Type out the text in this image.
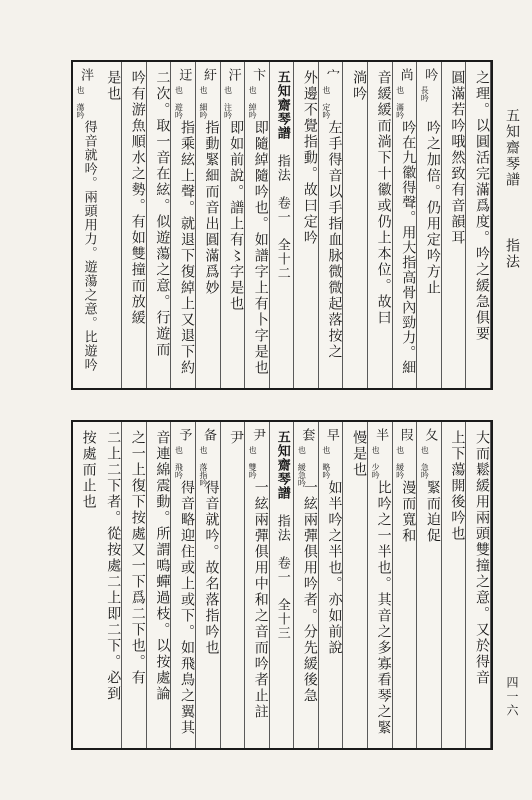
之理。以圓活完滿爲度。吟之緩急俱要
圓滿若吟哦然致有音韻耳
吟
長吟
吟之加倍。仍用定吟方止
尚
也 滿吟
吟在九徽得聲。用大指高骨內勁力。細
音緩緩而淌下十徽或仍上本位。故曰
淌吟
宀
也 定吟
左手得音以手指血脉微微起落按之
外邊不覺指動。故曰定吟
五知齋琴譜　指法　卷一　全十二
卞
也 綽吟
即隨綽隨吟也。如譜字上有卜字是也
汗
也 注吟
即如前說。譜上有〻字是也
紆
也 細吟
指動緊細而音出圓滿爲妙
迂
也 遊吟
指乘絃上聲。就退下復綽上又退下約
二次。取一音在絃。似遊蕩之意。行遊而
吟有游魚順水之勢。有如雙撞而放緩
是也
泮
也 蕩吟
得音就吟。兩頭用力。遊蕩之意。比遊吟
大而鬆緩用兩頭雙撞之意。又於得音
上下蕩開後吟也
夂
也 急吟
緊而迫促
叚
也 緩吟
漫而寬和
半
也 少吟
比吟之一半也。其音之多寡看琴之緊
慢是也
早
也 略吟
如半吟之半也。亦如前說
套
也 緩急吟
一絃兩彈俱用吟者。分先緩後急
五知齋琴譜　指法　卷一　全十三
尹
也 雙吟
一絃兩彈俱用中和之音而吟者止註
尹
备
也 落指吟
得音就吟。故名落指吟也
予
也 飛吟
得音略迎住或上或下。如飛鳥之翼其
音連綿震動。所謂鳴蟬過枝。以按處論
之一上復下按處又一下爲二下也。有
二上二下者。從按處二上即二下。必到
按處而止也
五知齋琴譜  指法
四一六
